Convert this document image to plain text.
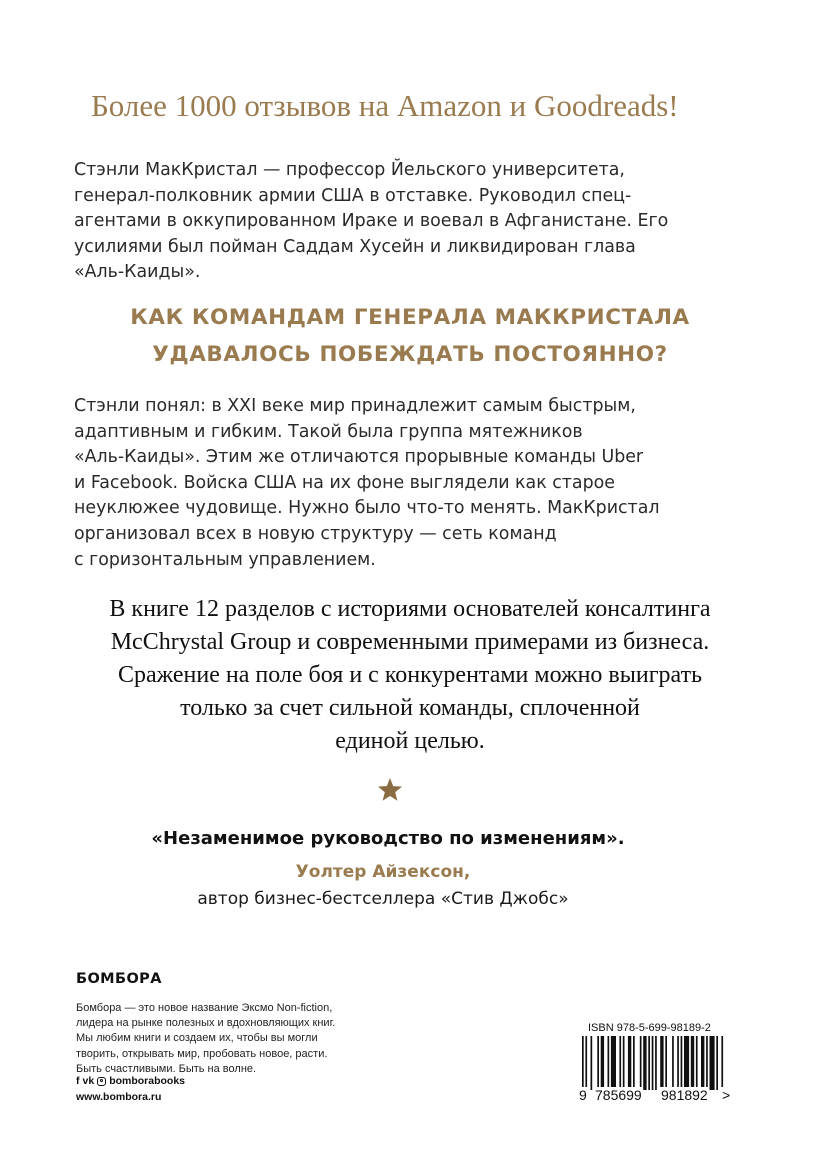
Более 1000 отзывов на Amazon и Goodreads!
Стэнли МакКристал — профессор Йельского университета,
генерал-полковник армии США в отставке. Руководил спец-
агентами в оккупированном Ираке и воевал в Афганистане. Его
усилиями был пойман Саддам Хусейн и ликвидирован глава
«Аль-Каиды».
КАК КОМАНДАМ ГЕНЕРАЛА МАККРИСТАЛА
УДАВАЛОСЬ ПОБЕЖДАТЬ ПОСТОЯННО?
Стэнли понял: в XXI веке мир принадлежит самым быстрым,
адаптивным и гибким. Такой была группа мятежников
«Аль-Каиды». Этим же отличаются прорывные команды Uber
и Facebook. Войска США на их фоне выглядели как старое
неуклюжее чудовище. Нужно было что-то менять. МакКристал
организовал всех в новую структуру — сеть команд
с горизонтальным управлением.
В книге 12 разделов с историями основателей консалтинга
McChrystal Group и современными примерами из бизнеса.
Сражение на поле боя и с конкурентами можно выиграть
только за счет сильной команды, сплоченной
единой целью.
«Незаменимое руководство по изменениям».
Уолтер Айзексон,
автор бизнес-бестселлера «Стив Джобс»
БОМБОРА
Бомбора — это новое название Эксмо Non-fiction,
лидера на рынке полезных и вдохновляющих книг.
Мы любим книги и создаем их, чтобы вы могли
творить, открывать мир, пробовать новое, расти.
Быть счастливыми. Быть на волне.
f vk bomborabooks
www.bombora.ru
ISBN 978-5-699-98189-2
9 785699 981892 >
